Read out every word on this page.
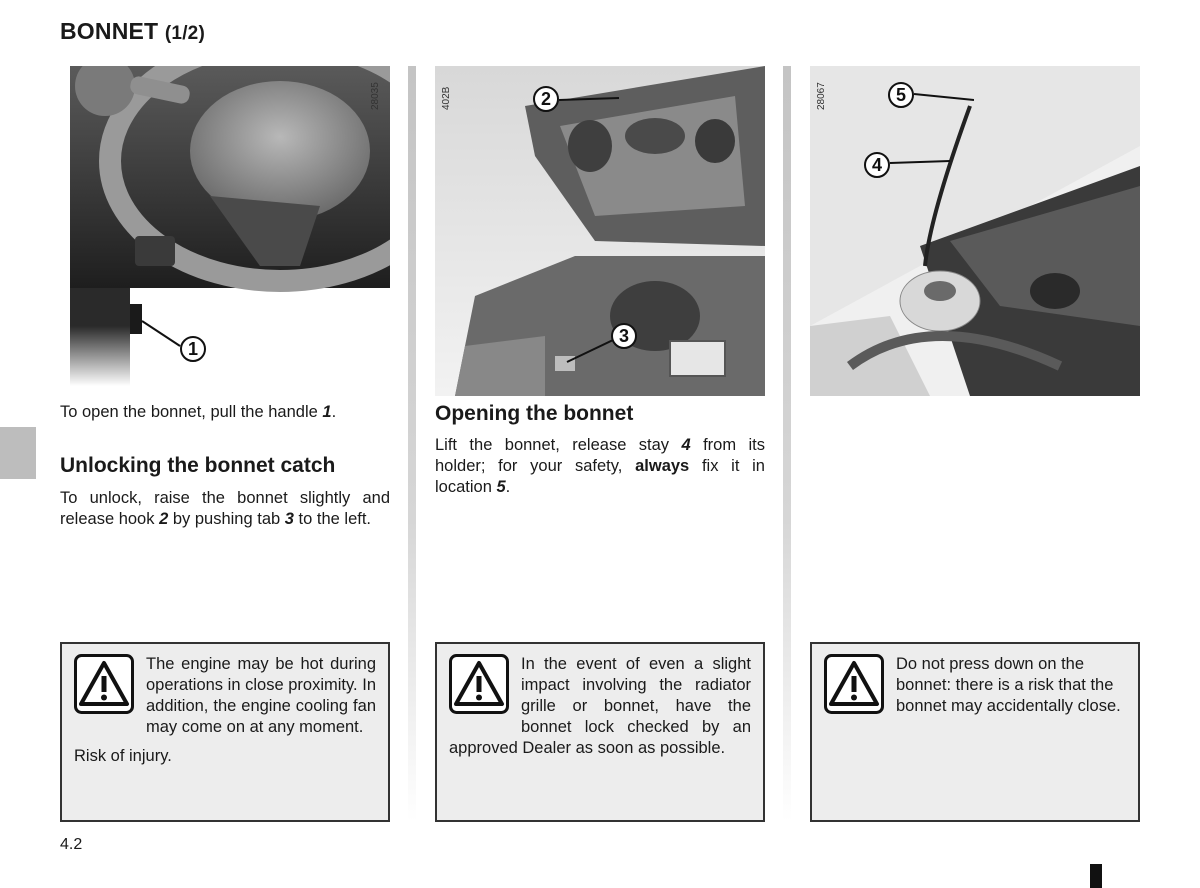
BONNET (1/2)
28035
1
402B	2
3
28067	5
4
To open the bonnet, pull the handle 1.
Unlocking the bonnet catch
To unlock, raise the bonnet slightly and release hook 2 by pushing tab 3 to the left.
Opening the bonnet
Lift the bonnet, release stay 4 from its holder; for your safety, always fix it in location 5.

The engine may be hot during operations in close proximity. In addition, the engine cooling fan may come on at any moment.

Risk of injury.

In the event of even a slight impact involving the radiator grille or bonnet, have the bonnet lock checked by an approved Dealer as soon as possible.

Do not press down on the bonnet: there is a risk that the bonnet may accidentally close.

4.2
